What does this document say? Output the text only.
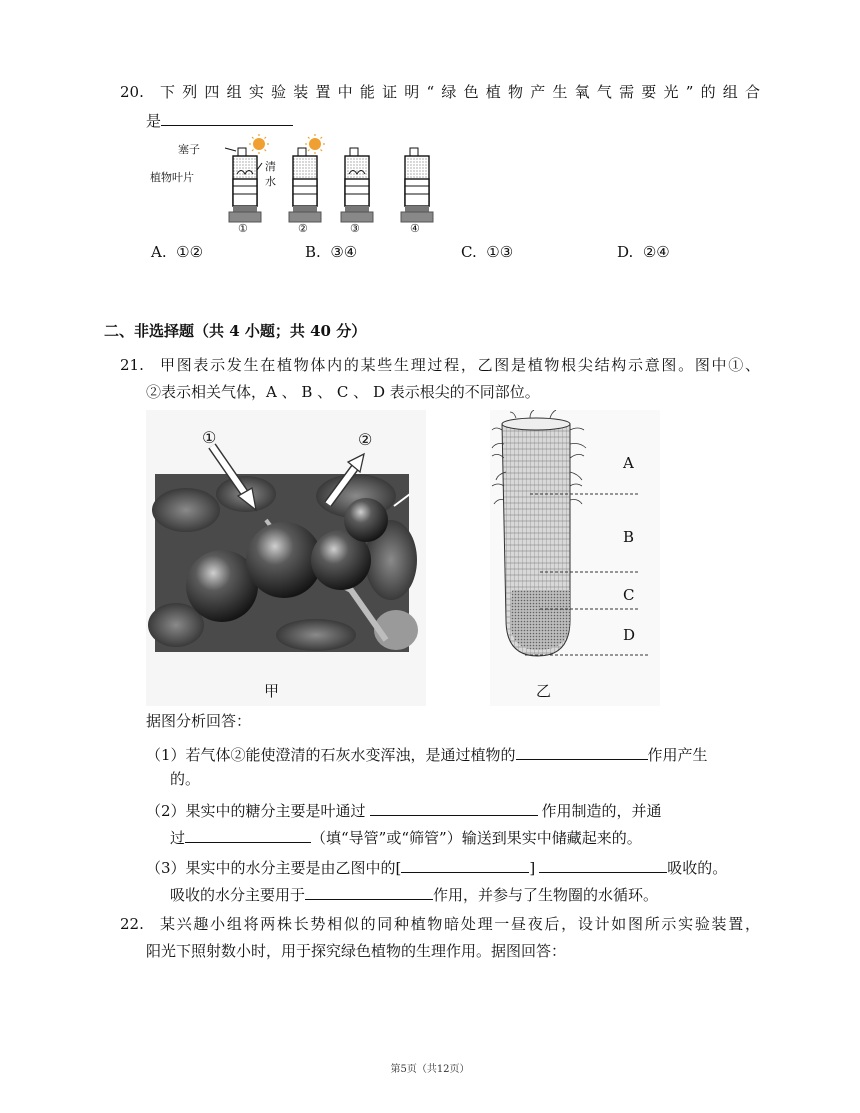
20. 下列四组实验装置中能证明“绿色植物产生氧气需要光”的组合
是
塞子
植物叶片
清
水
①	②	③	④
A. ①②	B. ③④	C. ①③	D. ②④
二、非选择题（共 4 小题；共 40 分）
21. 甲图表示发生在植物体内的某些生理过程，乙图是植物根尖结构示意图。图中①、
②表示相关气体，A 、 B 、 C 、 D 表示根尖的不同部位。
①	②
甲
A
B
C
D
乙
据图分析回答：
（1）若气体②能使澄清的石灰水变浑浊，是通过植物的	作用产生
的。
（2）果实中的糖分主要是叶通过	作用制造的，并通
过	（填“导管”或“筛管”）输送到果实中储藏起来的。
（3）果实中的水分主要是由乙图中的[	]	吸收的。
吸收的水分主要用于	作用，并参与了生物圈的水循环。
22. 某兴趣小组将两株长势相似的同种植物暗处理一昼夜后，设计如图所示实验装置，
阳光下照射数小时，用于探究绿色植物的生理作用。据图回答：
第5页（共12页）
